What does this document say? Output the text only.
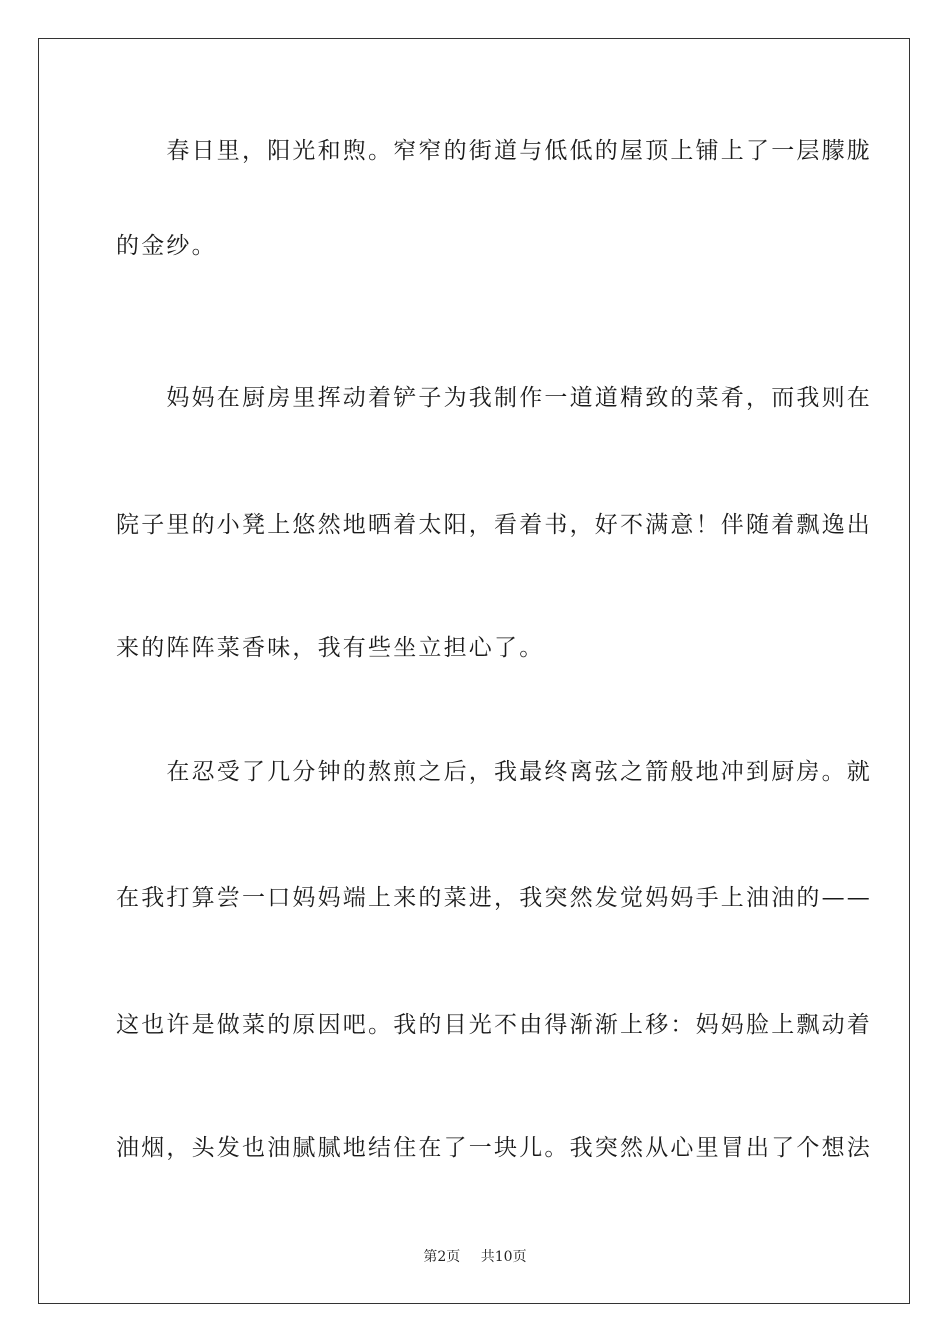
　　春日里，阳光和煦。窄窄的街道与低低的屋顶上铺上了一层朦胧
的金纱。
　　妈妈在厨房里挥动着铲子为我制作一道道精致的菜肴，而我则在
院子里的小凳上悠然地晒着太阳，看着书，好不满意！伴随着飘逸出
来的阵阵菜香味，我有些坐立担心了。
　　在忍受了几分钟的熬煎之后，我最终离弦之箭般地冲到厨房。就
在我打算尝一口妈妈端上来的菜进，我突然发觉妈妈手上油油的——
这也许是做菜的原因吧。我的目光不由得渐渐上移：妈妈脸上飘动着
油烟，头发也油腻腻地结住在了一块儿。我突然从心里冒出了个想法
第2页 共10页
